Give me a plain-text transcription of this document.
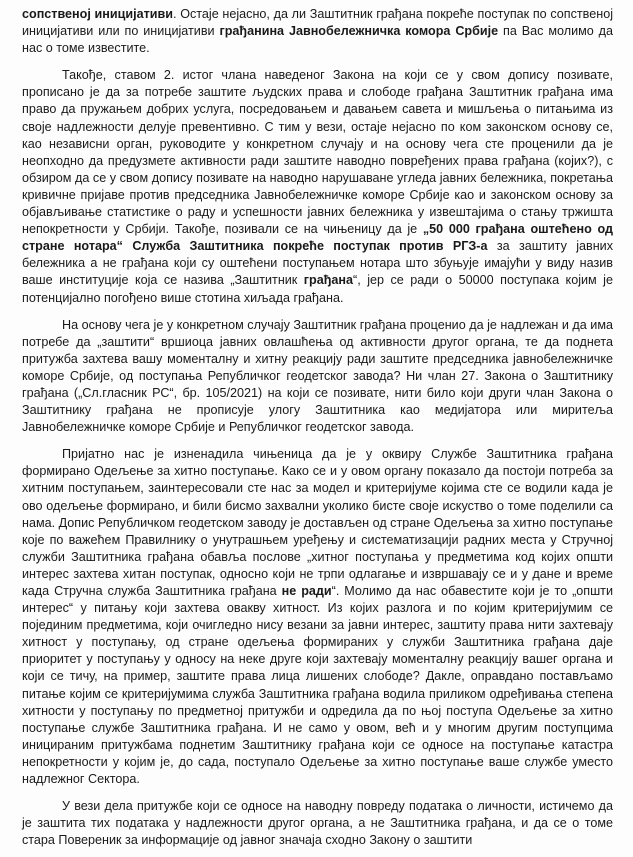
сопственој иницијативи. Остаје нејасно, да ли Заштитник грађана покреће поступак по сопственој иницијативи или по иницијативи грађанина Јавнобележничка комора Србије па Вас молимо да нас о томе известите.

Такође, ставом 2. истог члана наведеног Закона на који се у свом допису позивате, прописано је да за потребе заштите људских права и слободе грађана Заштитник грађана има право да пружањем добрих услуга, посредовањем и давањем савета и мишљења о питањима из своје надлежности делује превентивно. С тим у вези, остаје нејасно по ком законском основу се, као независни орган, руководите у конкретном случају и на основу чега сте проценили да је неопходно да предузмете активности ради заштите наводно повређених права грађана (којих?), с обзиром да се у свом допису позивате на наводно нарушаване угледа јавних бележника, покретања кривичне пријаве против председника Јавнобележничке коморе Србије као и законском основу за објављивање статистике о раду и успешности јавних бележника у извештајима о стању тржишта непокретности у Србији. Такође, позивали се на чињеницу да је „50 000 грађана оштећено од стране нотара“ Служба Заштитника покреће поступак против РГЗ-а за заштиту јавних бележника а не грађана који су оштећени поступањем нотара што збуњује имајући у виду назив ваше институције која се назива „Заштитник грађана“, јер се ради о 50000 поступака којим је потенцијално погођено више стотина хиљада грађана.

На основу чега је у конкретном случају Заштитник грађана проценио да је надлежан и да има потребе да „заштити“ вршиоца јавних овлашћења од активности другог органа, те да поднета притужба захтева вашу моменталну и хитну реакцију ради заштите председника јавнобележничке коморе Србије, од поступања Републичког геодетског завода? Ни члан 27. Закона о Заштитнику грађана („Сл.гласник РС“, бр. 105/2021) на који се позивате, нити било који други члан Закона о Заштитнику грађана не прописује улогу Заштитника као медијатора или миритеља Јавнобележничке коморе Србије и Републичког геодетског завода.

Пријатно нас је изненадила чињеница да је у оквиру Службе Заштитника грађана формирано Одељење за хитно поступање. Како се и у овом органу показало да постоји потреба за хитним поступањем, заинтересовали сте нас за модел и критеријуме којима сте се водили када је ово одељење формирано, и били бисмо захвални уколико бисте своје искуство о томе поделили са нама. Допис Републичком геодетском заводу је достављен од стране Одељења за хитно поступање које по важећем Правилнику о унутрашњем уређењу и систематизацији радних места у Стручној служби Заштитника грађана обавља послове „хитног поступања у предметима код којих општи интерес захтева хитан поступак, односно који не трпи одлагање и извршавају се и у дане и време када Стручна служба Заштитника грађана не ради“. Молимо да нас обавестите који је то „општи интерес“ у питању који захтева овакву хитност. Из којих разлога и по којим критеријумим се појединим предметима, који очигледно нису везани за јавни интерес, заштиту права нити захтевају хитност у поступању, од стране одељења формираних у служби Заштитника грађана даје приоритет у поступању у односу на неке друге који захтевају моменталну реакцију вашег органа и који се тичу, на пример, заштите права лица лишених слободе? Дакле, оправдано постављамо питање којим се критеријумима служба Заштитника грађана водила приликом одређивања степена хитности у поступању по предметној притужби и одредила да по њој поступа Одељење за хитно поступање службе Заштитника грађана. И не само у овом, већ и у многим другим поступцима иницираним притужбама поднетим Заштитнику грађана који се односе на поступање катастра непокретности у којим је, до сада, поступало Одељење за хитно поступање ваше службе уместо надлежног Сектора.

У вези дела притужбе који се односе на наводну повреду података о личности, истичемо да је заштита тих података у надлежности другог органа, а не Заштитника грађана, и да се о томе стара Повереник за информације од јавног значаја сходно Закону о заштити
